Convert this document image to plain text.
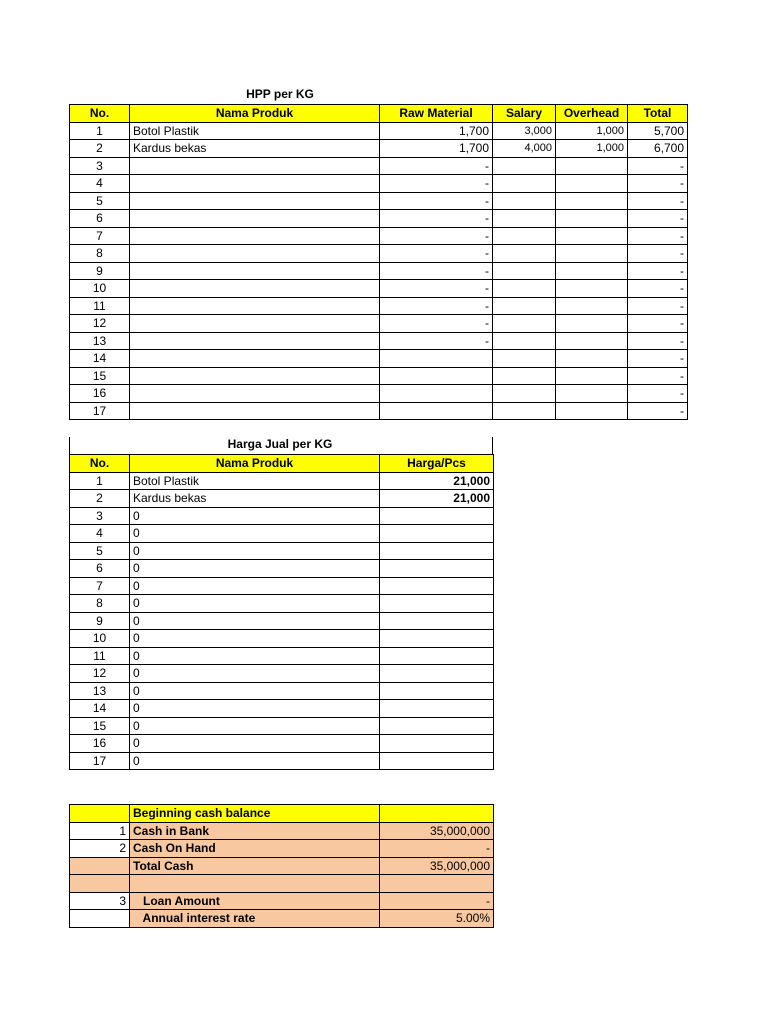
HPP per KG
No.	Nama Produk	Raw Material	Salary	Overhead	Total
1	Botol Plastik	1,700	3,000	1,000	5,700
2	Kardus bekas	1,700	4,000	1,000	6,700
3		-			-
4		-			-
5		-			-
6		-			-
7		-			-
8		-			-
9		-			-
10		-			-
11		-			-
12		-			-
13		-			-
14					-
15					-
16					-
17					-
Harga Jual per KG
No.	Nama Produk	Harga/Pcs
1	Botol Plastik	21,000
2	Kardus bekas	21,000
3	0	
4	0	
5	0	
6	0	
7	0	
8	0	
9	0	
10	0	
11	0	
12	0	
13	0	
14	0	
15	0	
16	0	
17	0	
	Beginning cash balance	
1	Cash in Bank	35,000,000
2	Cash On Hand	-
	Total Cash	35,000,000

3	Loan Amount	-
	Annual interest rate	5.00%
